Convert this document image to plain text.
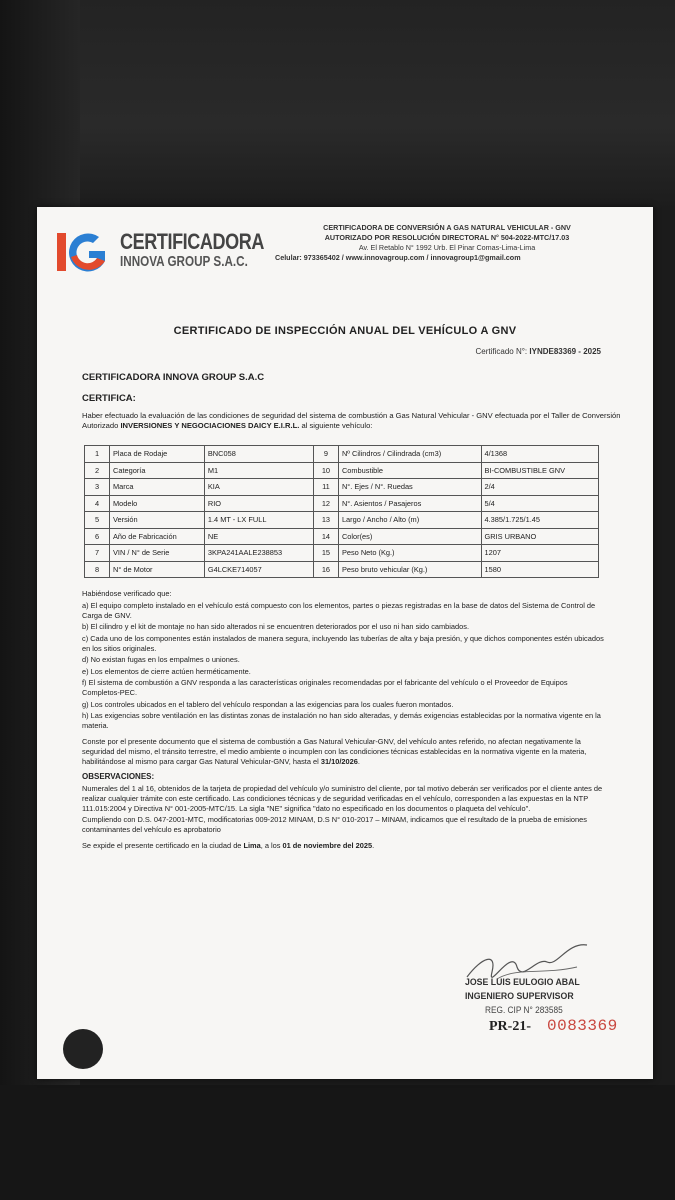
CERTIFICADORA
INNOVA GROUP S.A.C.
CERTIFICADORA DE CONVERSIÓN A GAS NATURAL VEHICULAR - GNV
AUTORIZADO POR RESOLUCIÓN DIRECTORAL N° 504-2022-MTC/17.03
Av. El Retablo N° 1992 Urb. El Pinar Comas-Lima-Lima
Celular: 973365402 / www.innovagroup.com / innovagroup1@gmail.com
CERTIFICADO DE INSPECCIÓN ANUAL DEL VEHÍCULO A GNV
Certificado N°: IYNDE83369 - 2025
CERTIFICADORA INNOVA GROUP S.A.C
CERTIFICA:
Haber efectuado la evaluación de las condiciones de seguridad del sistema de combustión a Gas Natural Vehicular - GNV efectuada por el Taller de Conversión Autorizado INVERSIONES Y NEGOCIACIONES DAICY E.I.R.L. al siguiente vehículo:
1	Placa de Rodaje	BNC058	9	Nº Cilindros / Cilindrada (cm3)	4/1368
2	Categoría	M1	10	Combustible	BI-COMBUSTIBLE GNV
3	Marca	KIA	11	N°. Ejes / N°. Ruedas	2/4
4	Modelo	RIO	12	N°. Asientos / Pasajeros	5/4
5	Versión	1.4 MT - LX FULL	13	Largo / Ancho / Alto (m)	4.385/1.725/1.45
6	Año de Fabricación	NE	14	Color(es)	GRIS URBANO
7	VIN / N° de Serie	3KPA241AALE238853	15	Peso Neto (Kg.)	1207
8	N° de Motor	G4LCKE714057	16	Peso bruto vehicular (Kg.)	1580

Habiéndose verificado que:

a) El equipo completo instalado en el vehículo está compuesto con los elementos, partes o piezas registradas en la base de datos del Sistema de Control de Carga de GNV.

b) El cilindro y el kit de montaje no han sido alterados ni se encuentren deteriorados por el uso ni han sido cambiados.

c) Cada uno de los componentes están instalados de manera segura, incluyendo las tuberías de alta y baja presión, y que dichos componentes estén ubicados en los sitios originales.

d) No existan fugas en los empalmes o uniones.

e) Los elementos de cierre actúen herméticamente.

f) El sistema de combustión a GNV responda a las características originales recomendadas por el fabricante del vehículo o el Proveedor de Equipos Completos-PEC.

g) Los controles ubicados en el tablero del vehículo respondan a las exigencias para los cuales fueron montados.

h) Las exigencias sobre ventilación en las distintas zonas de instalación no han sido alteradas, y demás exigencias establecidas por la normativa vigente en la materia.

Conste por el presente documento que el sistema de combustión a Gas Natural Vehicular-GNV, del vehículo antes referido, no afectan negativamente la seguridad del mismo, el tránsito terrestre, el medio ambiente o incumplen con las condiciones técnicas establecidas en la normativa vigente en la materia, habilitándose al mismo para cargar Gas Natural Vehicular-GNV, hasta el 31/10/2026.

OBSERVACIONES:

Numerales del 1 al 16, obtenidos de la tarjeta de propiedad del vehículo y/o suministro del cliente, por tal motivo deberán ser verificados por el cliente antes de realizar cualquier trámite con este certificado. Las condiciones técnicas y de seguridad verificadas en el vehículo, corresponden a las expuestas en la NTP 111.015:2004 y Directiva N° 001-2005-MTC/15. La sigla "NE" significa "dato no especificado en los documentos o plaqueta del vehículo".

Cumpliendo con D.S. 047-2001-MTC, modificatorias 009-2012 MINAM, D.S N° 010-2017 – MINAM, indicamos que el resultado de la prueba de emisiones contaminantes del vehículo es aprobatorio

Se expide el presente certificado en la ciudad de Lima, a los 01 de noviembre del 2025.

JOSE LUIS EULOGIO ABAL
INGENIERO SUPERVISOR
REG. CIP N° 283585
PR-21- 0083369
